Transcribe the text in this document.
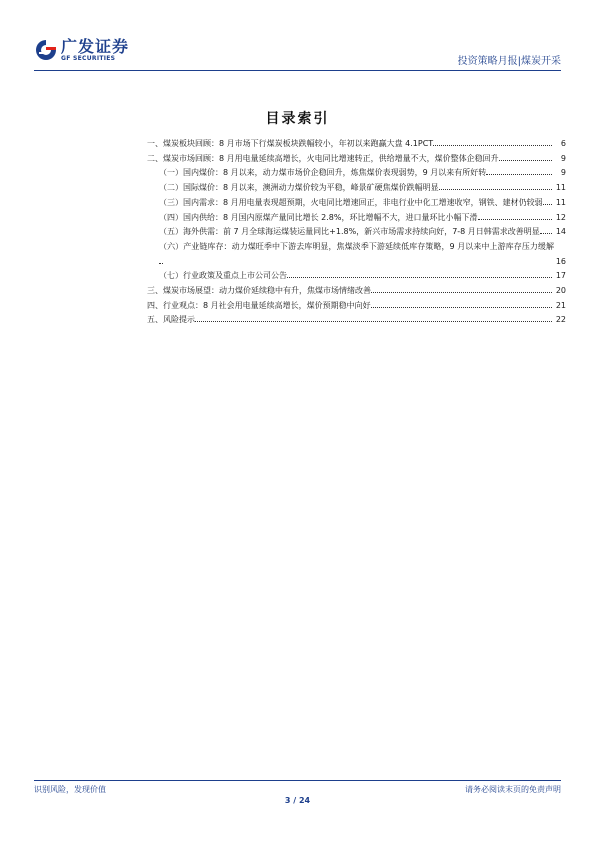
广发证券
GF SECURITIES	投资策略月报|煤炭开采
目录索引
一、煤炭板块回顾：8 月市场下行煤炭板块跌幅较小，年初以来跑赢大盘 4.1PCT	6
二、煤炭市场回顾：8 月用电量延续高增长，火电同比增速转正，供给增量不大，煤价整体企稳回升	9
（一）国内煤价：8 月以来，动力煤市场价企稳回升，炼焦煤价表现弱势，9 月以来有所好转	9
（二）国际煤价：8 月以来，澳洲动力煤价较为平稳，峰景矿硬焦煤价跌幅明显	11
（三）国内需求：8 月用电量表现超预期，火电同比增速回正，非电行业中化工增速收窄，钢铁、建材仍较弱 11
（四）国内供给：8 月国内原煤产量同比增长 2.8%，环比增幅不大，进口量环比小幅下滑	12
（五）海外供需：前 7 月全球海运煤装运量同比+1.8%，新兴市场需求持续向好，7-8 月日韩需求改善明显 14
（六）产业链库存：动力煤旺季中下游去库明显，焦煤淡季下游延续低库存策略，9 月以来中上游库存压力缓解
16
（七）行业政策及重点上市公司公告	17
三、煤炭市场展望：动力煤价延续稳中有升，焦煤市场情绪改善	20
四、行业观点：8 月社会用电量延续高增长，煤价预期稳中向好	21
五、风险提示	22
识别风险，发现价值	请务必阅读末页的免责声明
3 / 24
